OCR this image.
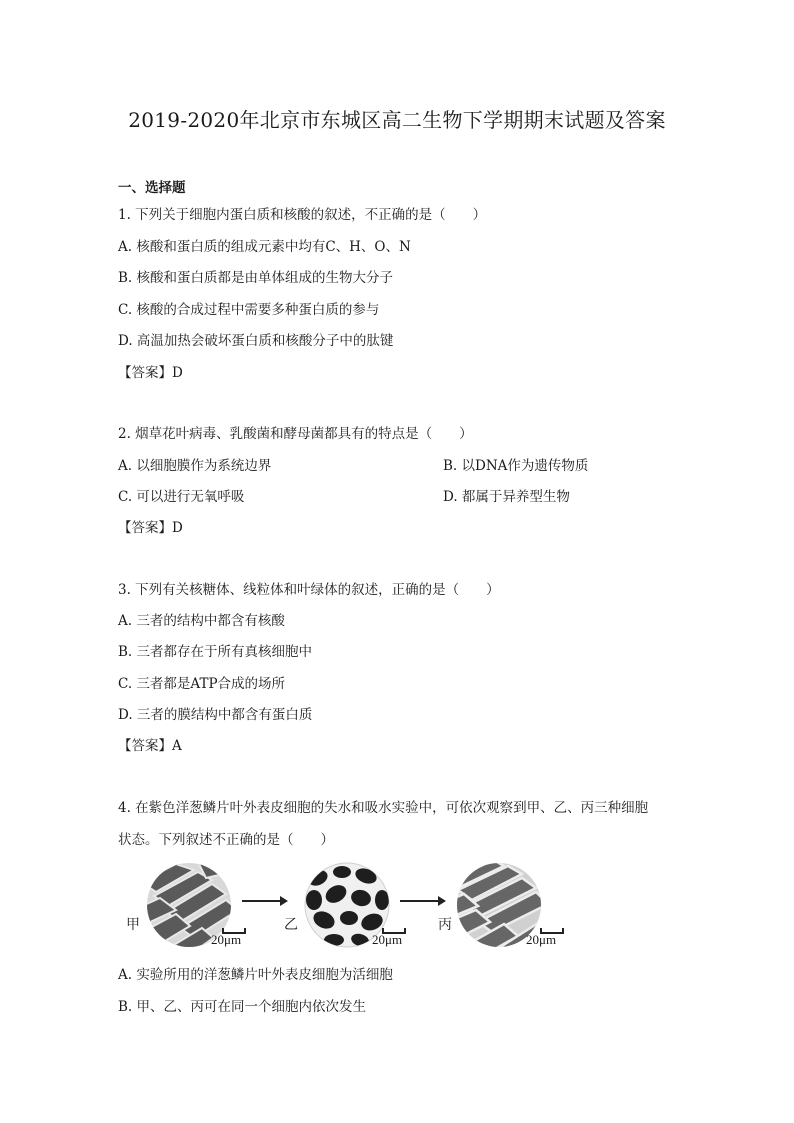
2019-2020年北京市东城区高二生物下学期期末试题及答案
一、选择题
1. 下列关于细胞内蛋白质和核酸的叙述，不正确的是（　　）
A. 核酸和蛋白质的组成元素中均有C、H、O、N
B. 核酸和蛋白质都是由单体组成的生物大分子
C. 核酸的合成过程中需要多种蛋白质的参与
D. 高温加热会破坏蛋白质和核酸分子中的肽键
【答案】D
2. 烟草花叶病毒、乳酸菌和酵母菌都具有的特点是（　　）
A. 以细胞膜作为系统边界	B. 以DNA作为遗传物质
C. 可以进行无氧呼吸	D. 都属于异养型生物
【答案】D
3. 下列有关核糖体、线粒体和叶绿体的叙述，正确的是（　　）
A. 三者的结构中都含有核酸
B. 三者都存在于所有真核细胞中
C. 三者都是ATP合成的场所
D. 三者的膜结构中都含有蛋白质
【答案】A
4. 在紫色洋葱鳞片叶外表皮细胞的失水和吸水实验中，可依次观察到甲、乙、丙三种细胞
状态。下列叙述不正确的是（　　）
甲
20μm
乙
20μm
丙
20μm
A. 实验所用的洋葱鳞片叶外表皮细胞为活细胞
B. 甲、乙、丙可在同一个细胞内依次发生
